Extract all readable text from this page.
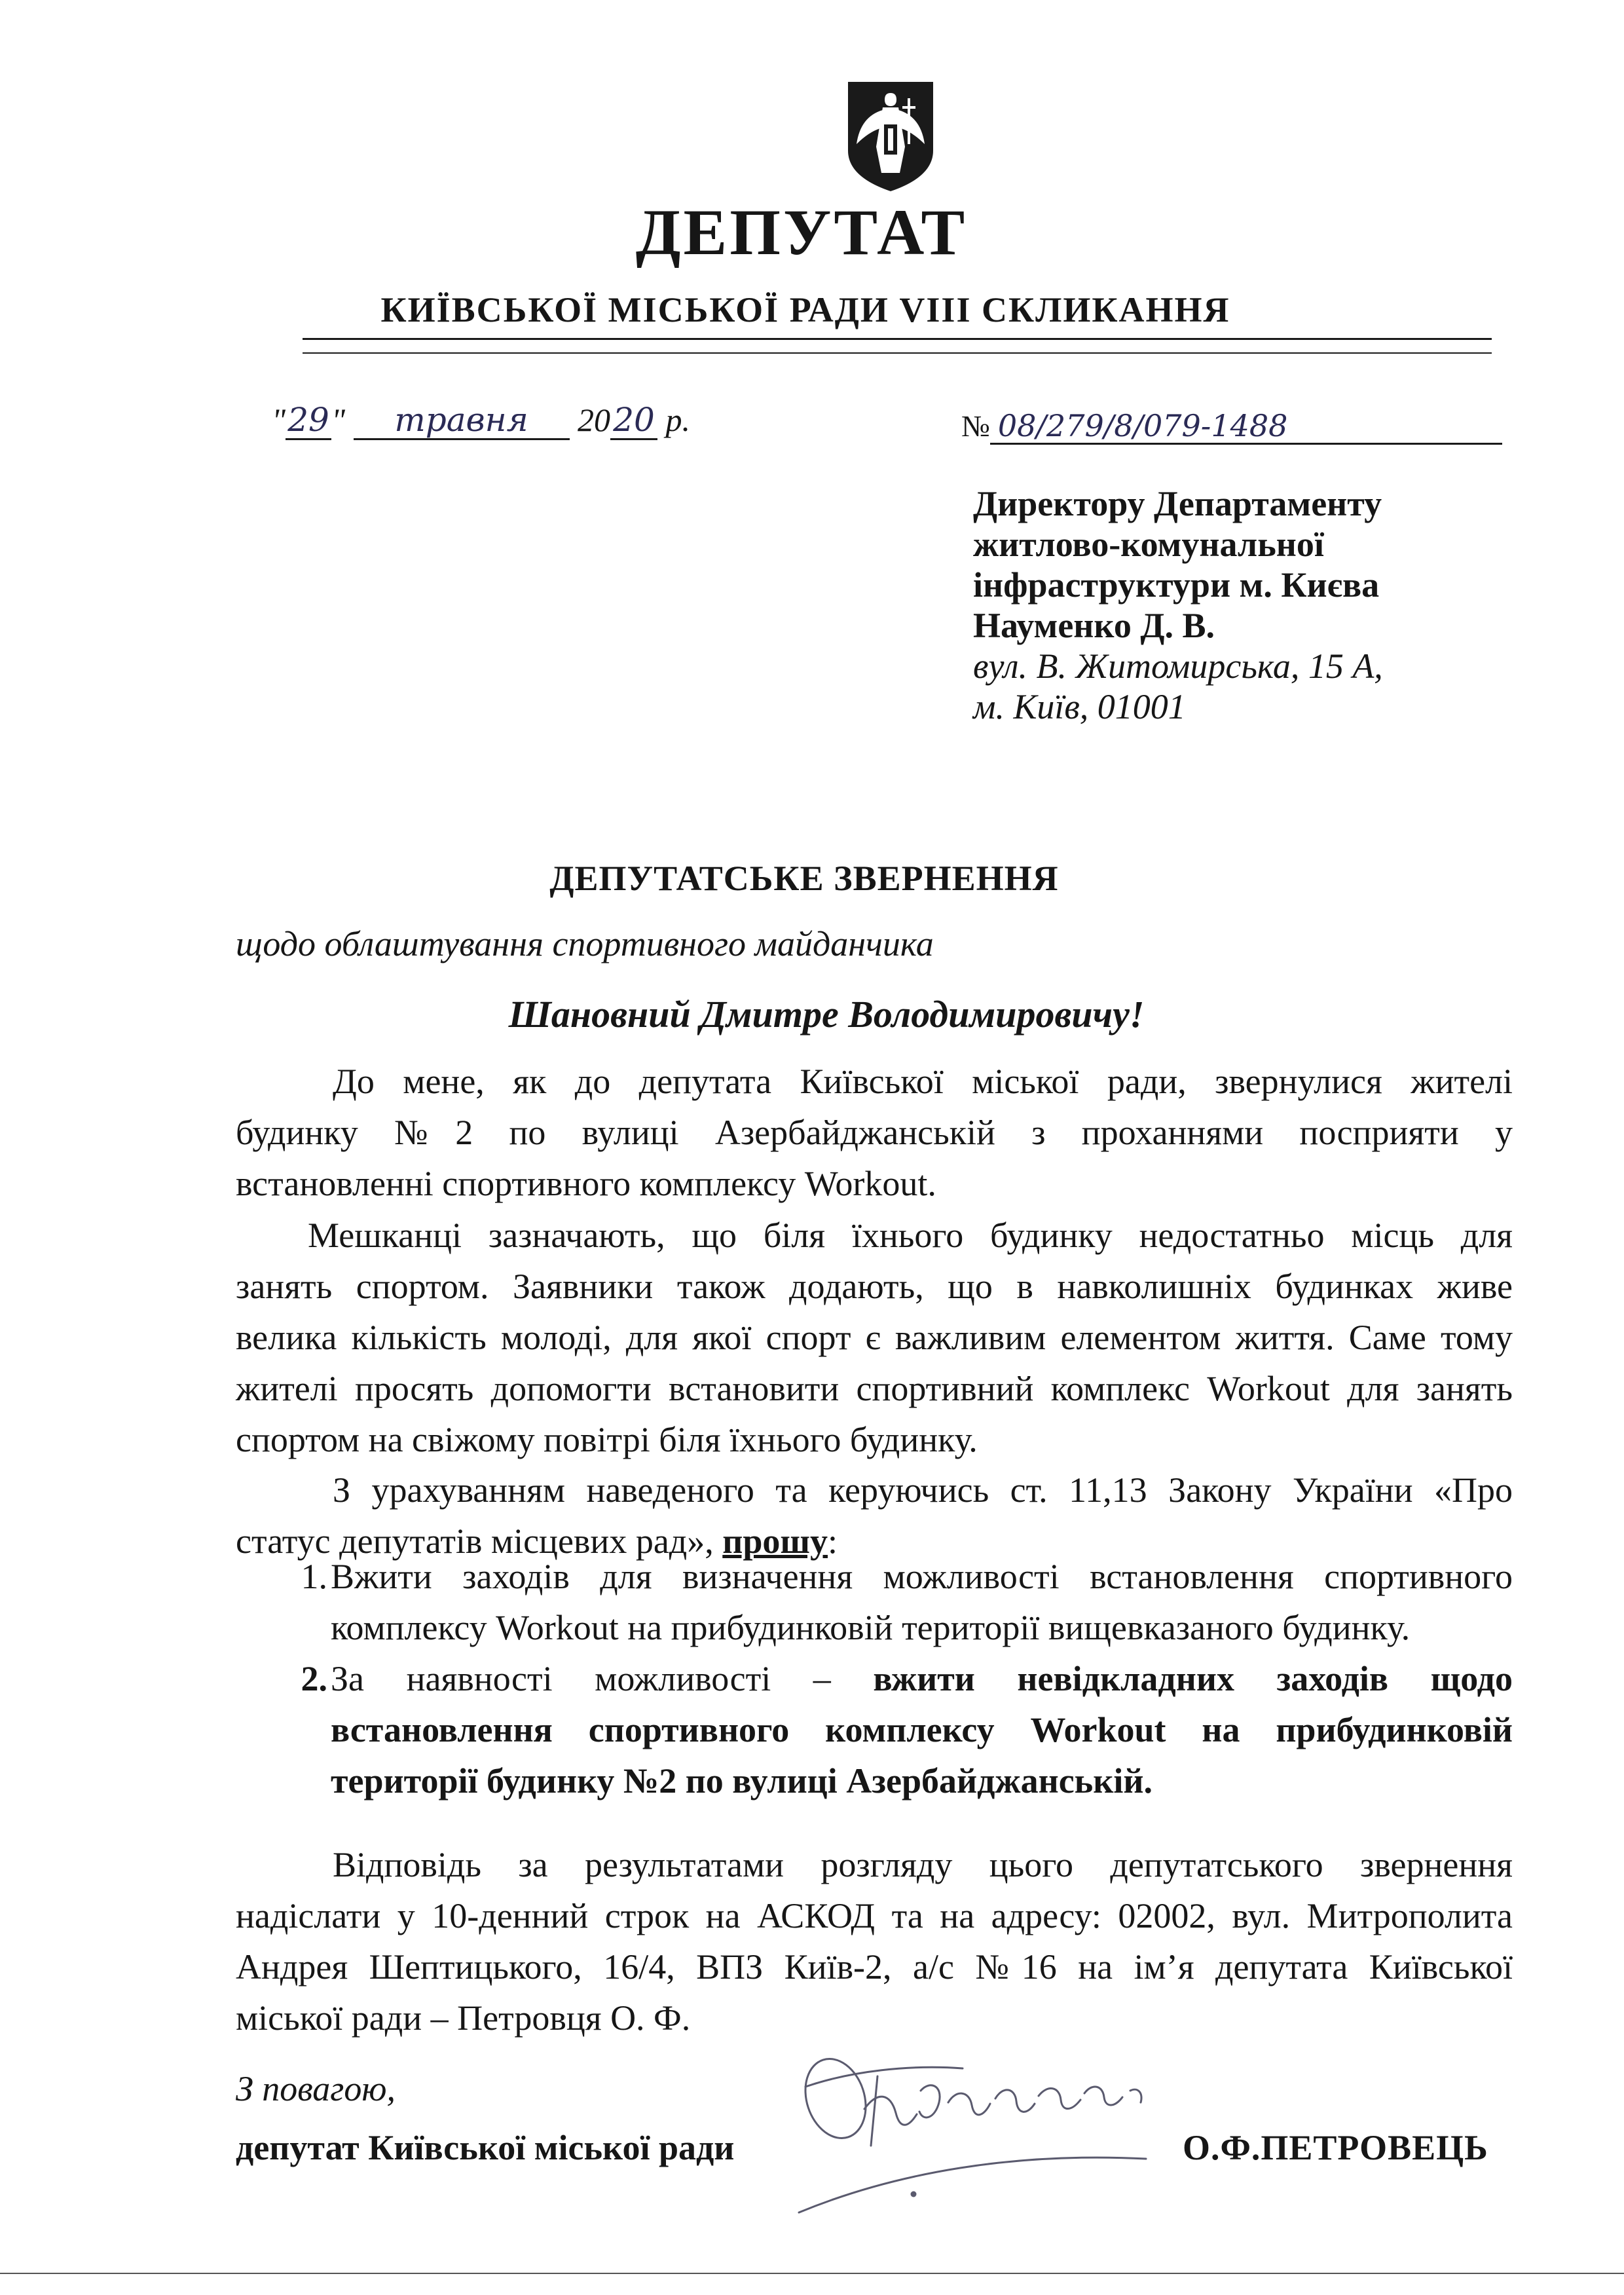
ДЕПУТАТ
КИЇВСЬКОЇ МІСЬКОЇ РАДИ VIII СКЛИКАННЯ
"29" травня 2020 р.	№ 08/279/8/079-1488
Директору Департаменту
житлово-комунальної
інфраструктури м. Києва
Науменко Д. В.
вул. В. Житомирська, 15 А,
м. Київ, 01001
ДЕПУТАТСЬКЕ ЗВЕРНЕННЯ
щодо облаштування спортивного майданчика
Шановний Дмитре Володимировичу!
До мене, як до депутата Київської міської ради, звернулися жителі
будинку №2 по вулиці Азербайджанській з проханнями посприяти у
встановленні спортивного комплексу Workout.
Мешканці зазначають, що біля їхнього будинку недостатньо місць для
занять спортом. Заявники також додають, що в навколишніх будинках живе
велика кількість молоді, для якої спорт є важливим елементом життя. Саме тому
жителі просять допомогти встановити спортивний комплекс Workout для занять
спортом на свіжому повітрі біля їхнього будинку.
З урахуванням наведеного та керуючись ст. 11,13 Закону України «Про
статус депутатів місцевих рад», прошу:
1. Вжити заходів для визначення можливості встановлення спортивного
комплексу Workout на прибудинковій території вищевказаного будинку.
2. За наявності можливості – вжити невідкладних заходів щодо
встановлення спортивного комплексу Workout на прибудинковій
території будинку №2 по вулиці Азербайджанській.
Відповідь за результатами розгляду цього депутатського звернення
надіслати у 10-денний строк на АСКОД та на адресу: 02002, вул. Митрополита
Андрея Шептицького, 16/4, ВПЗ Київ-2, а/с №16 на ім’я депутата Київської
міської ради – Петровця О. Ф.
З повагою,
депутат Київської міської ради	О.Ф.ПЕТРОВЕЦЬ
